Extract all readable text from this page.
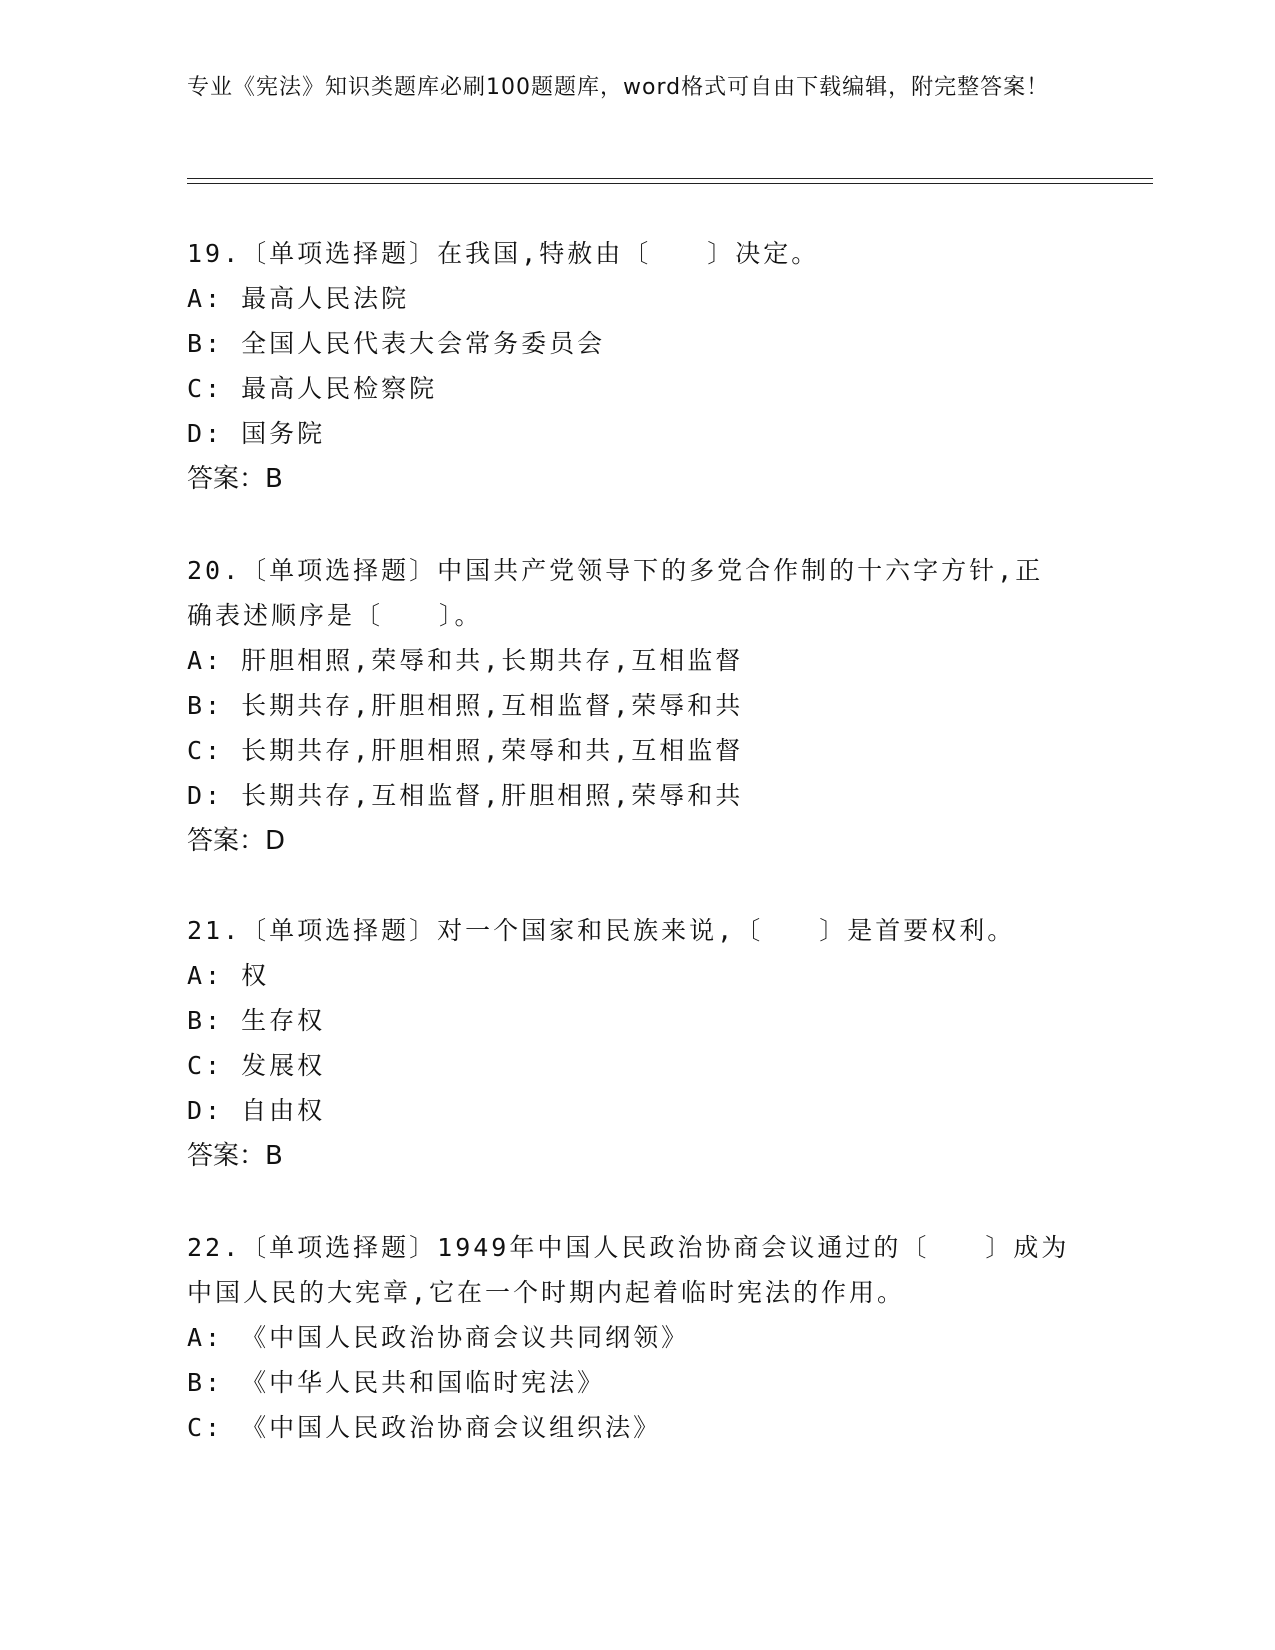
专业《宪法》知识类题库必刷100题题库，word格式可自由下载编辑，附完整答案！
19.〔单项选择题〕在我国,特赦由〔　　〕决定。
A: 最高人民法院
B: 全国人民代表大会常务委员会
C: 最高人民检察院
D: 国务院
答案：B
20.〔单项选择题〕中国共产党领导下的多党合作制的十六字方针,正
确表述顺序是〔　　〕。
A: 肝胆相照,荣辱和共,长期共存,互相监督
B: 长期共存,肝胆相照,互相监督,荣辱和共
C: 长期共存,肝胆相照,荣辱和共,互相监督
D: 长期共存,互相监督,肝胆相照,荣辱和共
答案：D
21.〔单项选择题〕对一个国家和民族来说,〔　　〕是首要权利。
A: 权
B: 生存权
C: 发展权
D: 自由权
答案：B
22.〔单项选择题〕1949年中国人民政治协商会议通过的〔　　〕成为
中国人民的大宪章,它在一个时期内起着临时宪法的作用。
A: 《中国人民政治协商会议共同纲领》
B: 《中华人民共和国临时宪法》
C: 《中国人民政治协商会议组织法》
